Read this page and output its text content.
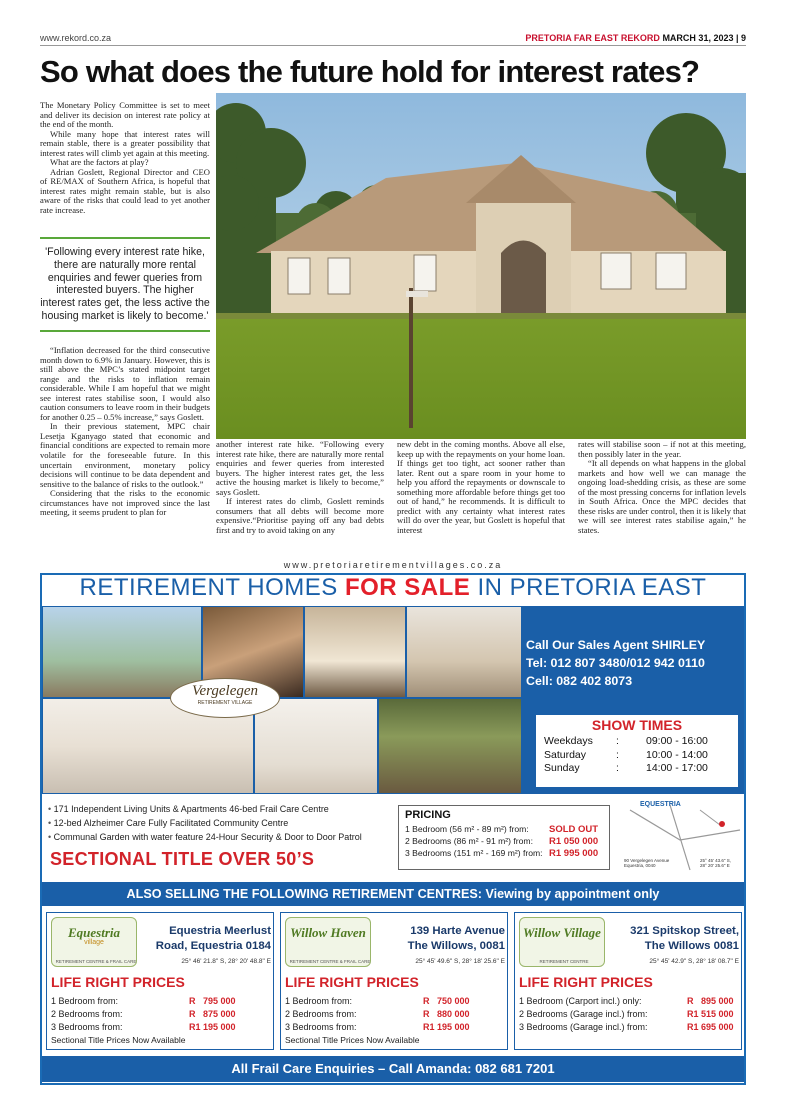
www.rekord.co.za	PRETORIA FAR EAST REKORD MARCH 31, 2023 | 9
So what does the future hold for interest rates?

The Monetary Policy Committee is set to meet and deliver its decision on interest rate policy at the end of the month.

While many hope that interest rates will remain stable, there is a greater possibility that interest rates will climb yet again at this meeting.

What are the factors at play?

Adrian Goslett, Regional Director and CEO of RE/MAX of Southern Africa, is hopeful that interest rates might remain stable, but is also aware of the risks that could lead to yet another rate increase.

'Following every interest rate hike, there are naturally more rental enquiries and fewer queries from interested buyers. The higher interest rates get, the less active the housing market is likely to become.'

“Inflation decreased for the third consecutive month down to 6.9% in January. However, this is still above the MPC’s stated midpoint target range and the risks to inflation remain considerable. While I am hopeful that we might see interest rates stabilise soon, I would also caution consumers to leave room in their budgets for another 0.25 – 0.5% increase,” says Goslett.

In their previous statement, MPC chair Lesetja Kganyago stated that economic and financial conditions are expected to remain more volatile for the foreseeable future. In this uncertain environment, monetary policy decisions will continue to be data dependent and sensitive to the balance of risks to the outlook.”

Considering that the risks to the economic circumstances have not improved since the last meeting, it seems prudent to plan for

another interest rate hike. “Following every interest rate hike, there are naturally more rental enquiries and fewer queries from interested buyers. The higher interest rates get, the less active the housing market is likely to become,” says Goslett.

If interest rates do climb, Goslett reminds consumers that all debts will become more expensive.“Prioritise paying off any bad debts first and try to avoid taking on any

new debt in the coming months. Above all else, keep up with the repayments on your home loan. If things get too tight, act sooner rather than later. Rent out a spare room in your home to help you afford the repayments or downscale to something more affordable before things get too out of hand,” he recommends. It is difficult to predict with any certainty what interest rates will do over the year, but Goslett is hopeful that interest

rates will stabilise soon – if not at this meeting, then possibly later in the year.

“It all depends on what happens in the global markets and how well we can manage the ongoing load-shedding crisis, as these are some of the most pressing concerns for inflation levels in South Africa. Once the MPC decides that these risks are under control, then it is likely that we will see interest rates stabilise again,” he states.

www.pretoriaretirementvillages.co.za
RETIREMENT HOMES FOR SALE IN PRETORIA EAST
Vergelegen
RETIREMENT VILLAGE
Call Our Sales Agent SHIRLEY
Tel: 012 807 3480/012 942 0110
Cell: 082 402 8073
SHOW TIMES
Weekdays :	09:00 - 16:00
Saturday	:	10:00 - 14:00
Sunday	:	14:00 - 17:00
• 171 Independent Living Units & Apartments 46-bed Frail Care Centre
• 12-bed Alzheimer Care Fully Facilitated Community Centre
• Communal Garden with water feature 24-Hour Security & Door to Door Patrol
SECTIONAL TITLE OVER 50’S
PRICING
1 Bedroom (56 m² - 89 m²) from: SOLD OUT
2 Bedrooms (86 m² - 91 m²) from: R1 050 000
3 Bedrooms (151 m² - 169 m²) from: R1 995 000
EQUESTRIA
90 Vergelegen Avenue
Equestria, 0040
25° 45' 43.6" S,
28° 20' 25.6" E
ALSO SELLING THE FOLLOWING RETIREMENT CENTRES: Viewing by appointment only
Equestria
village
RETIREMENT CENTRE & FRAIL CARE
Equestria Meerlust
Road, Equestria 0184
25° 46' 21.8" S, 28° 20' 48.8" E
LIFE RIGHT PRICES
1 Bedroom from:	R   795 000
2 Bedrooms from:	R   875 000
3 Bedrooms from:	R1 195 000
Sectional Title Prices Now Available
Willow Haven
RETIREMENT CENTRE & FRAIL CARE
139 Harte Avenue
The Willows, 0081
25° 45' 49.6" S, 28° 18' 25.6" E
LIFE RIGHT PRICES
1 Bedroom from:	R   750 000
2 Bedrooms from:	R   880 000
3 Bedrooms from:	R1 195 000
Sectional Title Prices Now Available
Willow Village
RETIREMENT CENTRE
321 Spitskop Street,
The Willows 0081
25° 45' 42.9" S, 28° 18' 08.7" E
LIFE RIGHT PRICES
1 Bedroom (Carport incl.) only:	R   895 000
2 Bedrooms (Garage incl.) from:	R1 515 000
3 Bedrooms (Garage incl.) from:	R1 695 000
All Frail Care Enquiries – Call Amanda: 082 681 7201
